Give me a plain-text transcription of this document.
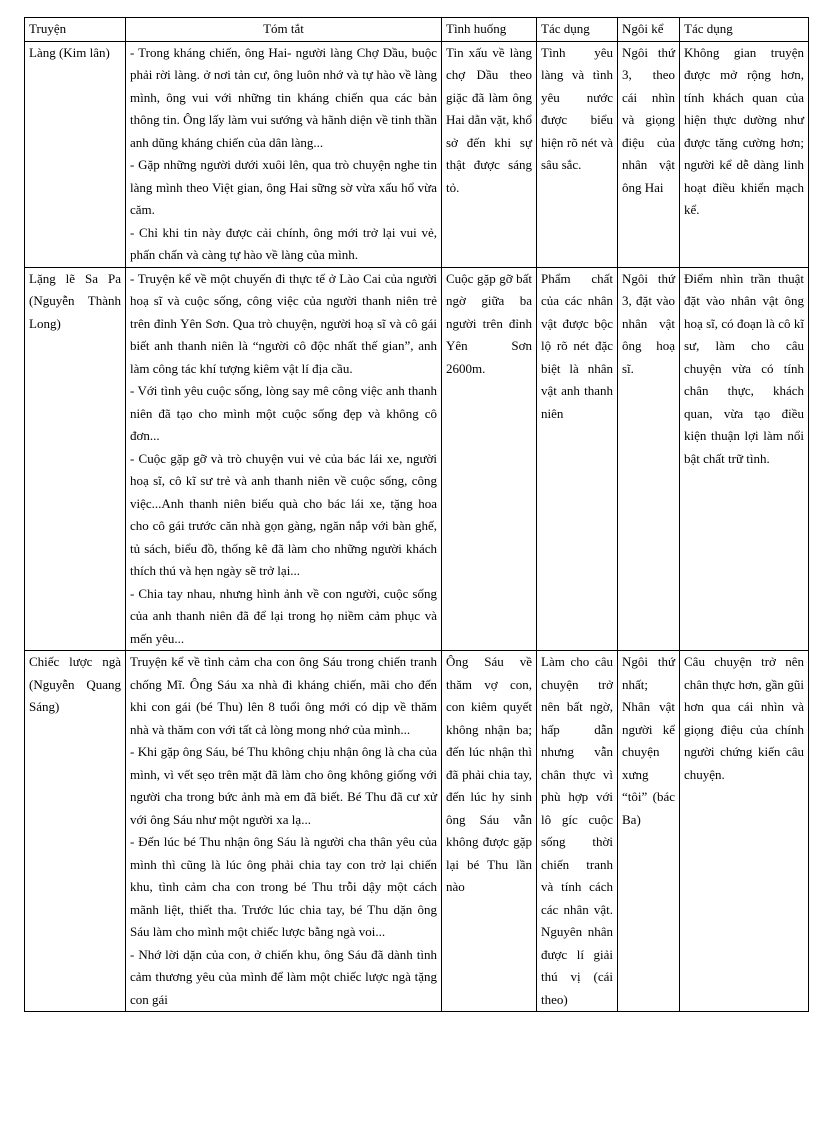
Truyện	Tóm tắt	Tình huống	Tác dụng	Ngôi kể	Tác dụng
Làng (Kim lân)	- Trong kháng chiến, ông Hai- người làng Chợ Dầu, buộc phải rời làng. ở nơi tản cư, ông luôn nhớ và tự hào về làng mình, ông vui với những tin kháng chiến qua các bản thông tin. Ông lấy làm vui sướng và hãnh diện về tinh thần anh dũng kháng chiến của dân làng...
- Gặp những người dưới xuôi lên, qua trò chuyện nghe tin làng mình theo Việt gian, ông Hai sững sờ vừa xấu hổ vừa căm.
- Chỉ khi tin này được cải chính, ông mới trở lại vui vẻ, phấn chấn và càng tự hào về làng của mình.	Tin xấu về làng chợ Dầu theo giặc đã làm ông Hai dằn vặt, khổ sở đến khi sự thật được sáng tỏ.	Tình yêu làng và tình yêu nước được biểu hiện rõ nét và sâu sắc.	Ngôi thứ 3, theo cái nhìn và giọng điệu của nhân vật ông Hai	Không gian truyện được mở rộng hơn, tính khách quan của hiện thực dường như được tăng cường hơn; người kể dễ dàng linh hoạt điều khiển mạch kể.
Lặng lẽ Sa Pa (Nguyễn Thành Long)	- Truyện kể về một chuyến đi thực tế ở Lào Cai của người hoạ sĩ và cuộc sống, công việc của người thanh niên trẻ trên đỉnh Yên Sơn. Qua trò chuyện, người hoạ sĩ và cô gái biết anh thanh niên là “người cô độc nhất thế gian”, anh làm công tác khí tượng kiêm vật lí địa cầu.
- Với tình yêu cuộc sống, lòng say mê công việc anh thanh niên đã tạo cho mình một cuộc sống đẹp và không cô đơn...
- Cuộc gặp gỡ và trò chuyện vui vẻ của bác lái xe, người hoạ sĩ, cô kĩ sư trẻ và anh thanh niên về cuộc sống, công việc...Anh thanh niên biếu quà cho bác lái xe, tặng hoa cho cô gái trước căn nhà gọn gàng, ngăn nắp với bàn ghế, tủ sách, biểu đồ, thống kê đã làm cho những người khách thích thú và hẹn ngày sẽ trở lại...
- Chia tay nhau, nhưng hình ảnh về con người, cuộc sống của anh thanh niên đã để lại trong họ niềm cảm phục và mến yêu...	Cuộc gặp gỡ bất ngờ giữa ba người trên đỉnh Yên Sơn 2600m.	Phẩm chất của các nhân vật được bộc lộ rõ nét đặc biệt là nhân vật anh thanh niên	Ngôi thứ 3, đặt vào nhân vật ông hoạ sĩ.	Điểm nhìn trần thuật đặt vào nhân vật ông hoạ sĩ, có đoạn là cô kĩ sư, làm cho câu chuyện vừa có tính chân thực, khách quan, vừa tạo điều kiện thuận lợi làm nổi bật chất trữ tình.
Chiếc lược ngà (Nguyễn Quang Sáng)	Truyện kể về tình cảm cha con ông Sáu trong chiến tranh chống Mĩ. Ông Sáu xa nhà đi kháng chiến, mãi cho đến khi con gái (bé Thu) lên 8 tuổi ông mới có dịp về thăm nhà và thăm con với tất cả lòng mong nhớ của mình...
- Khi gặp ông Sáu, bé Thu không chịu nhận ông là cha của mình, vì vết sẹo trên mặt đã làm cho ông không giống với người cha trong bức ảnh mà em đã biết. Bé Thu đã cư xử với ông Sáu như một người xa lạ...
- Đến lúc bé Thu nhận ông Sáu là người cha thân yêu của mình thì cũng là lúc ông phải chia tay con trở lại chiến khu, tình cảm cha con trong bé Thu trỗi dậy một cách mãnh liệt, thiết tha. Trước lúc chia tay, bé Thu dặn ông Sáu làm cho mình một chiếc lược bằng ngà voi...
- Nhớ lời dặn của con, ở chiến khu, ông Sáu đã dành tình cảm thương yêu của mình để làm một chiếc lược ngà tặng con gái	Ông Sáu về thăm vợ con, con kiêm quyết không nhận ba; đến lúc nhận thì đã phải chia tay, đến lúc hy sinh ông Sáu vẫn không được gặp lại bé Thu lần nào	Làm cho câu chuyện trở nên bất ngờ, hấp dẫn nhưng vẫn chân thực vì phù hợp với lô gíc cuộc sống thời chiến tranh và tính cách các nhân vật. Nguyên nhân được lí giải thú vị (cái theo)	Ngôi thứ nhất; Nhân vật người kể chuyện xưng “tôi” (bác Ba)	Câu chuyện trở nên chân thực hơn, gần gũi hơn qua cái nhìn và giọng điệu của chính người chứng kiến câu chuyện.
